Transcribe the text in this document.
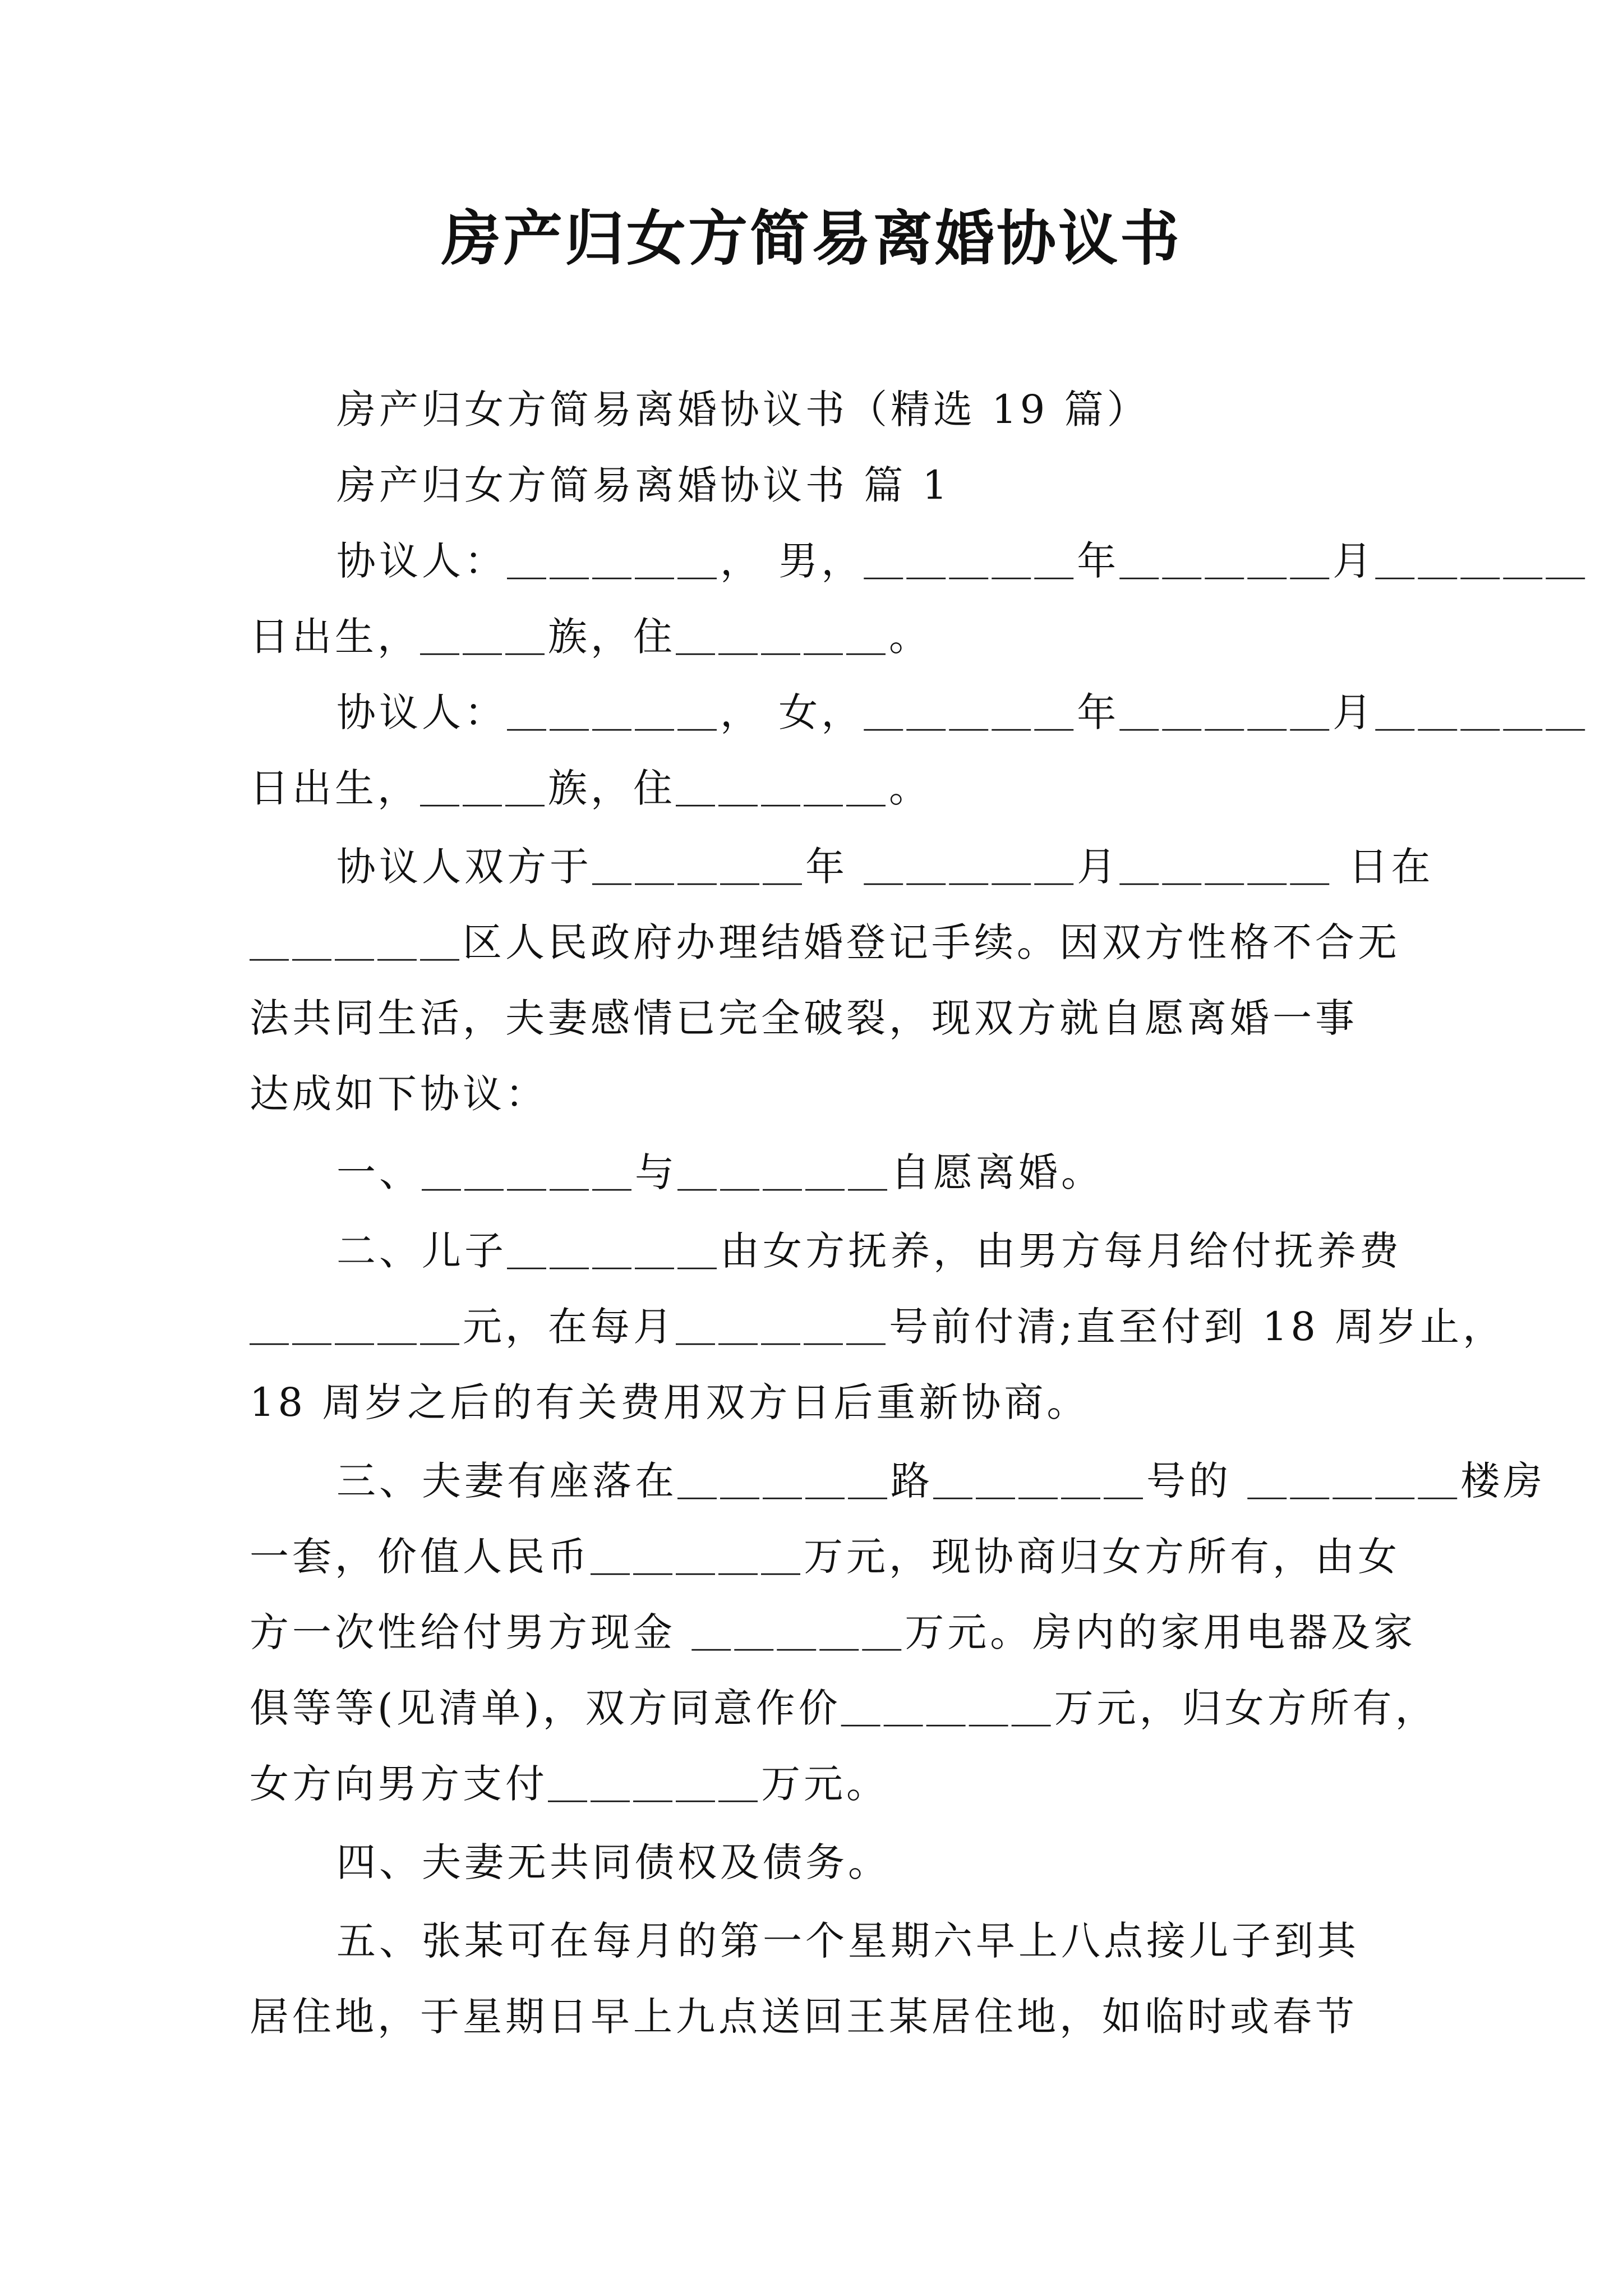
房产归女方简易离婚协议书
房产归女方简易离婚协议书（精选 19 篇）
房产归女方简易离婚协议书 篇 1
协议人：＿＿＿＿＿， 男，＿＿＿＿＿年＿＿＿＿＿月＿＿＿＿＿
日出生，＿＿＿族，住＿＿＿＿＿。
协议人：＿＿＿＿＿， 女，＿＿＿＿＿年＿＿＿＿＿月＿＿＿＿＿
日出生，＿＿＿族，住＿＿＿＿＿。
协议人双方于＿＿＿＿＿年 ＿＿＿＿＿月＿＿＿＿＿ 日在
＿＿＿＿＿区人民政府办理结婚登记手续。因双方性格不合无
法共同生活，夫妻感情已完全破裂，现双方就自愿离婚一事
达成如下协议：
一、＿＿＿＿＿与＿＿＿＿＿自愿离婚。
二、儿子＿＿＿＿＿由女方抚养，由男方每月给付抚养费
＿＿＿＿＿元，在每月＿＿＿＿＿号前付清;直至付到 18 周岁止，
18 周岁之后的有关费用双方日后重新协商。
三、夫妻有座落在＿＿＿＿＿路＿＿＿＿＿号的 ＿＿＿＿＿楼房
一套，价值人民币＿＿＿＿＿万元，现协商归女方所有，由女
方一次性给付男方现金 ＿＿＿＿＿万元。房内的家用电器及家
俱等等(见清单)，双方同意作价＿＿＿＿＿万元，归女方所有，
女方向男方支付＿＿＿＿＿万元。
四、夫妻无共同债权及债务。
五、张某可在每月的第一个星期六早上八点接儿子到其
居住地，于星期日早上九点送回王某居住地，如临时或春节
